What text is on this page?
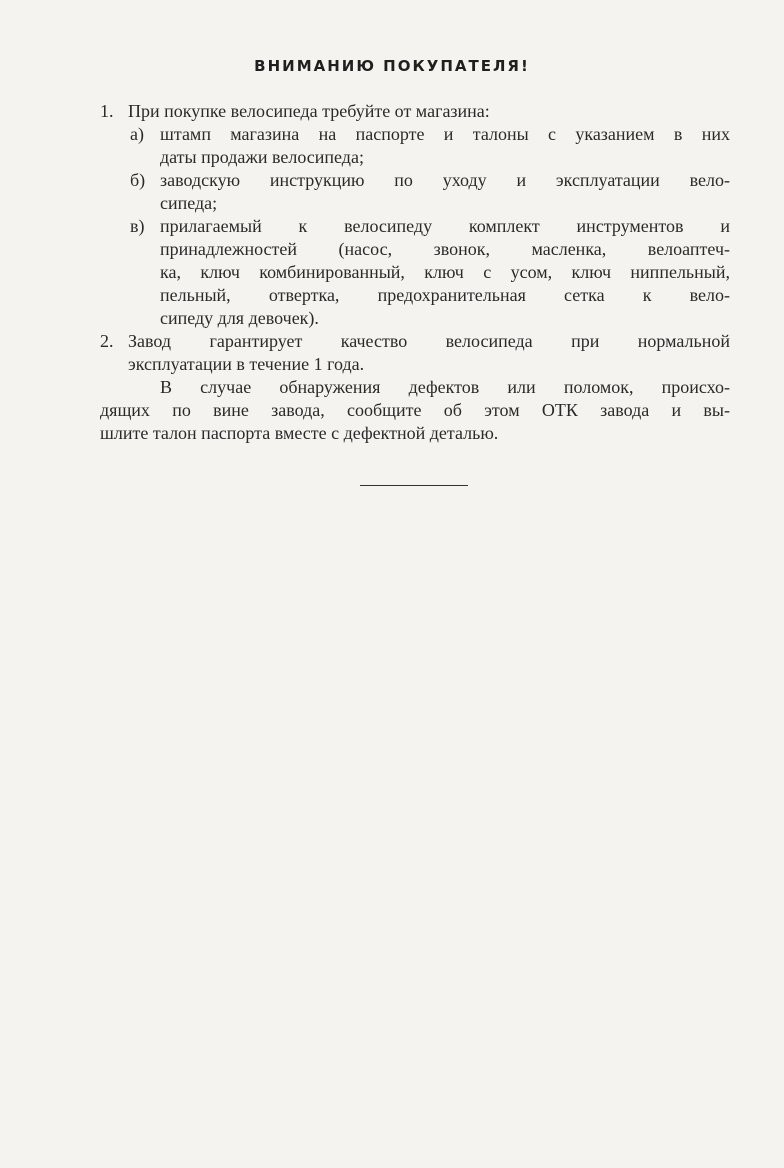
ВНИМАНИЮ ПОКУПАТЕЛЯ!
1. При покупке велосипеда требуйте от магазина:
а) штамп магазина на паспорте и талоны с указанием в них
даты продажи велосипеда;
б) заводскую инструкцию по уходу и эксплуатации вело-
сипеда;
в) прилагаемый к велосипеду комплект инструментов и
принадлежностей (насос, звонок, масленка, велоаптеч-
ка, ключ комбинированный, ключ с усом, ключ ниппельный,
пельный, отвертка, предохранительная сетка к вело-
сипеду для девочек).
2. Завод гарантирует качество велосипеда при нормальной
эксплуатации в течение 1 года.
В случае обнаружения дефектов или поломок, происхо-
дящих по вине завода, сообщите об этом ОТК завода и вы-
шлите талон паспорта вместе с дефектной деталью.
